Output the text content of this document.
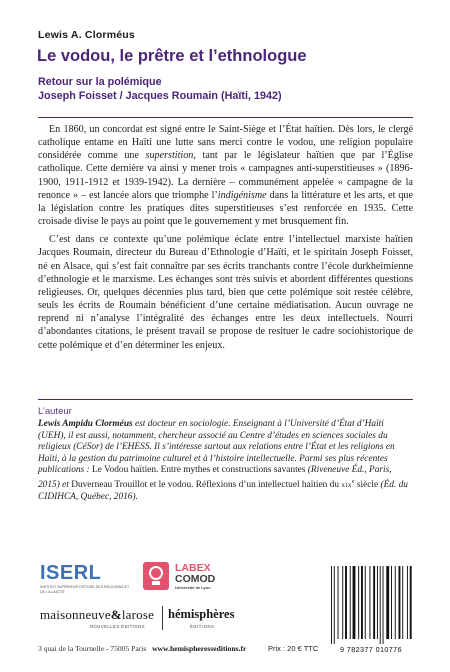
Lewis A. Clorméus
Le vodou, le prêtre et l’ethnologue
Retour sur la polémique
Joseph Foisset / Jacques Roumain (Haïti, 1942)

En 1860, un concordat est signé entre le Saint-Siège et l’État haïtien. Dès lors, le clergé catholique entame en Haïti une lutte sans merci contre le vodou, une religion populaire considérée comme une superstition, tant par le législateur haïtien que par l’Église catholique. Cette dernière va ainsi y mener trois « campagnes anti-superstitieuses » (1896-1900, 1911-1912 et 1939-1942). La dernière – communément appelée « campagne de la renonce » – est lancée alors que triomphe l’indigénisme dans la littérature et les arts, et que la législation contre les pratiques dites superstitieuses s’est renforcée en 1935. Cette croisade divise le pays au point que le gouvernement y met brusquement fin.

C’est dans ce contexte qu’une polémique éclate entre l’intellectuel marxiste haïtien Jacques Roumain, directeur du Bureau d’Ethnologie d’Haïti, et le spiritain Joseph Foisset, né en Alsace, qui s’est fait connaître par ses écrits tranchants contre l’école durkheimienne d’ethnologie et le marxisme. Les échanges sont très suivis et abordent différentes questions religieuses. Or, quelques décennies plus tard, bien que cette polémique soit restée célèbre, seuls les écrits de Roumain bénéficient d’une certaine médiatisation. Aucun ouvrage ne reprend ni n’analyse l’intégralité des échanges entre les deux intellectuels. Nourri d’abondantes citations, le présent travail se propose de resituer le cadre sociohistorique de cette polémique et d’en déterminer les enjeux.

L’auteur
Lewis Ampidu Clorméus est docteur en sociologie. Enseignant à l’Université d’État d’Haïti (UEH), il est aussi, notamment, chercheur associé au Centre d’études en sciences sociales du religieux (CéSor) de l’EHESS. Il s’intéresse surtout aux relations entre l’État et les religions en Haïti, à la gestion du patrimoine culturel et à l’histoire intellectuelle. Parmi ses plus récentes publications : Le Vodou haïtien. Entre mythes et constructions savantes (Riveneuve Éd., Paris, 2015) et Duverneau Trouillot et le vodou. Réflexions d’un intellectuel haïtien du xix$^e$ siècle (Éd. du CIDIHCA, Québec, 2016).
ISERL
INSTITUT SUPÉRIEUR D’ÉTUDE DES RELIGIONS ET DE LA LAÏCITÉ
LABEX
COMOD
Université de Lyon
maisonneuve&larose
NOUVELLES ÉDITIONS
hémisphères
ÉDITIONS
3 quai de la Tournelle - 75005 Paris www.hemispheresseditions.fr	Prix : 20 € TTC	9 782377 010776
